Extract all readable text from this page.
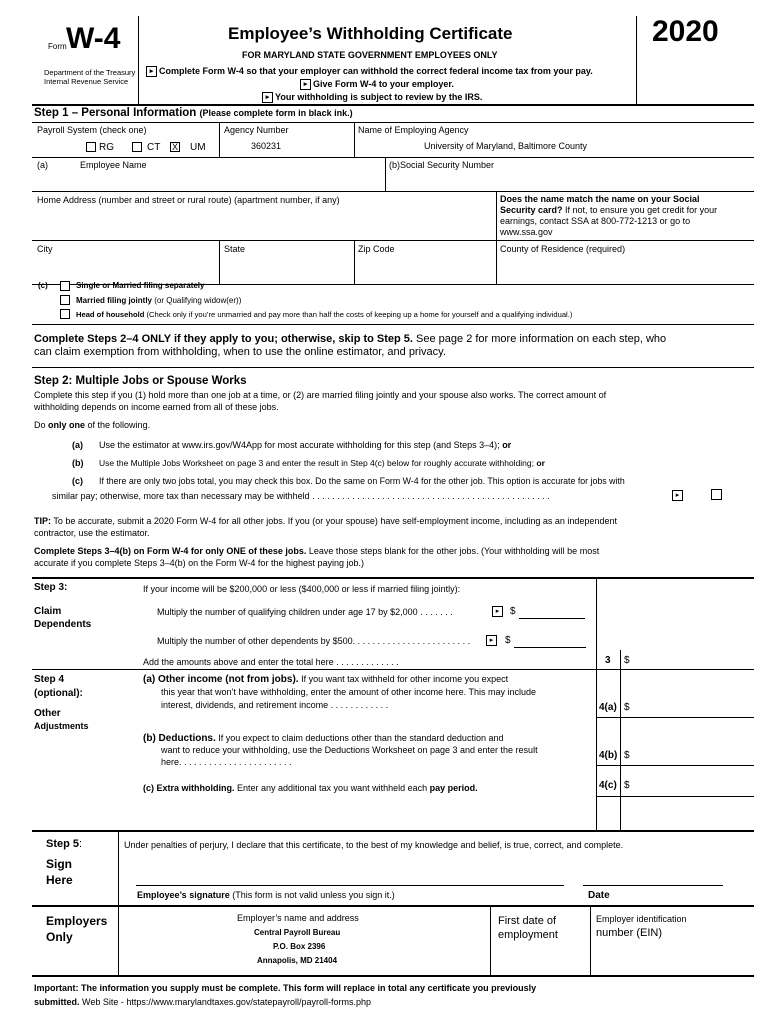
Form W-4
Department of the Treasury
Internal Revenue Service
Employee’s Withholding Certificate
FOR MARYLAND STATE GOVERNMENT EMPLOYEES ONLY
2020
▸ Complete Form W-4 so that your employer can withhold the correct federal income tax from your pay.
▸ Give Form W-4 to your employer.
▸ Your withholding is subject to review by the IRS.
Step 1 – Personal Information (Please complete form in black ink.)
Payroll System (check one)
RG	CT X UM
Agency Number
360231
Name of Employing Agency
University of Maryland, Baltimore County
(a)	Employee Name	(b)Social Security Number
Home Address (number and street or rural route) (apartment number, if any)	Does the name match the name on your Social Security card? If not, to ensure you get credit for your earnings, contact SSA at 800-772-1213 or go to www.ssa.gov
City	State	Zip Code	County of Residence (required)
(c)	Single or Married filing separately
Married filing jointly (or Qualifying widow(er))
Head of household (Check only if you’re unmarried and pay more than half the costs of keeping up a home for yourself and a qualifying individual.)
Complete Steps 2–4 ONLY if they apply to you; otherwise, skip to Step 5. See page 2 for more information on each step, who
can claim exemption from withholding, when to use the online estimator, and privacy.
Step 2: Multiple Jobs or Spouse Works
Complete this step if you (1) hold more than one job at a time, or (2) are married filing jointly and your spouse also works. The correct amount of
withholding depends on income earned from all of these jobs.
Do only one of the following.
(a) Use the estimator at www.irs.gov/W4App for most accurate withholding for this step (and Steps 3–4); or
(b) Use the Multiple Jobs Worksheet on page 3 and enter the result in Step 4(c) below for roughly accurate withholding; or
(c) If there are only two jobs total, you may check this box. Do the same on Form W-4 for the other job. This option is accurate for jobs with
similar pay; otherwise, more tax than necessary may be withheld . . . . . . . . . . . . . . . . . . . . . . . . . . . . . . . . . . . . . . . . . . . . . . . .	▸
TIP: To be accurate, submit a 2020 Form W-4 for all other jobs. If you (or your spouse) have self-employment income, including as an independent
contractor, use the estimator.
Complete Steps 3–4(b) on Form W-4 for only ONE of these jobs. Leave those steps blank for the other jobs. (Your withholding will be most
accurate if you complete Steps 3–4(b) on the Form W-4 for the highest paying job.)
Step 3:
Claim
Dependents
If your income will be $200,000 or less ($400,000 or less if married filing jointly):
Multiply the number of qualifying children under age 17 by $2,000 . . . . . . .	▸	$
Multiply the number of other dependents by $500. . . . . . . . . . . . . . . . . . . . . . . .	▸	$
Add the amounts above and enter the total here . . . . . . . . . . . . .	3 $
Step 4
(optional):
Other
Adjustments
(a) Other income (not from jobs). If you want tax withheld for other income you expect
this year that won’t have withholding, enter the amount of other income here. This may include
interest, dividends, and retirement income . . . . . . . . . . . .	4(a) $
(b) Deductions. If you expect to claim deductions other than the standard deduction and
want to reduce your withholding, use the Deductions Worksheet on page 3 and enter the result
here. . . . . . . . . . . . . . . . . . . . . . .
4(b) $
(c) Extra withholding. Enter any additional tax you want withheld each pay period.	4(c) $
Step 5:
Sign
Here
Under penalties of perjury, I declare that this certificate, to the best of my knowledge and belief, is true, correct, and complete.
Employee’s signature (This form is not valid unless you sign it.)	Date
Employers
Only
Employer’s name and address
Central Payroll Bureau
P.O. Box 2396
Annapolis, MD 21404
First date of
employment
Employer identification
number (EIN)
Important: The information you supply must be complete. This form will replace in total any certificate you previously
submitted. Web Site - https://www.marylandtaxes.gov/statepayroll/payroll-forms.php
